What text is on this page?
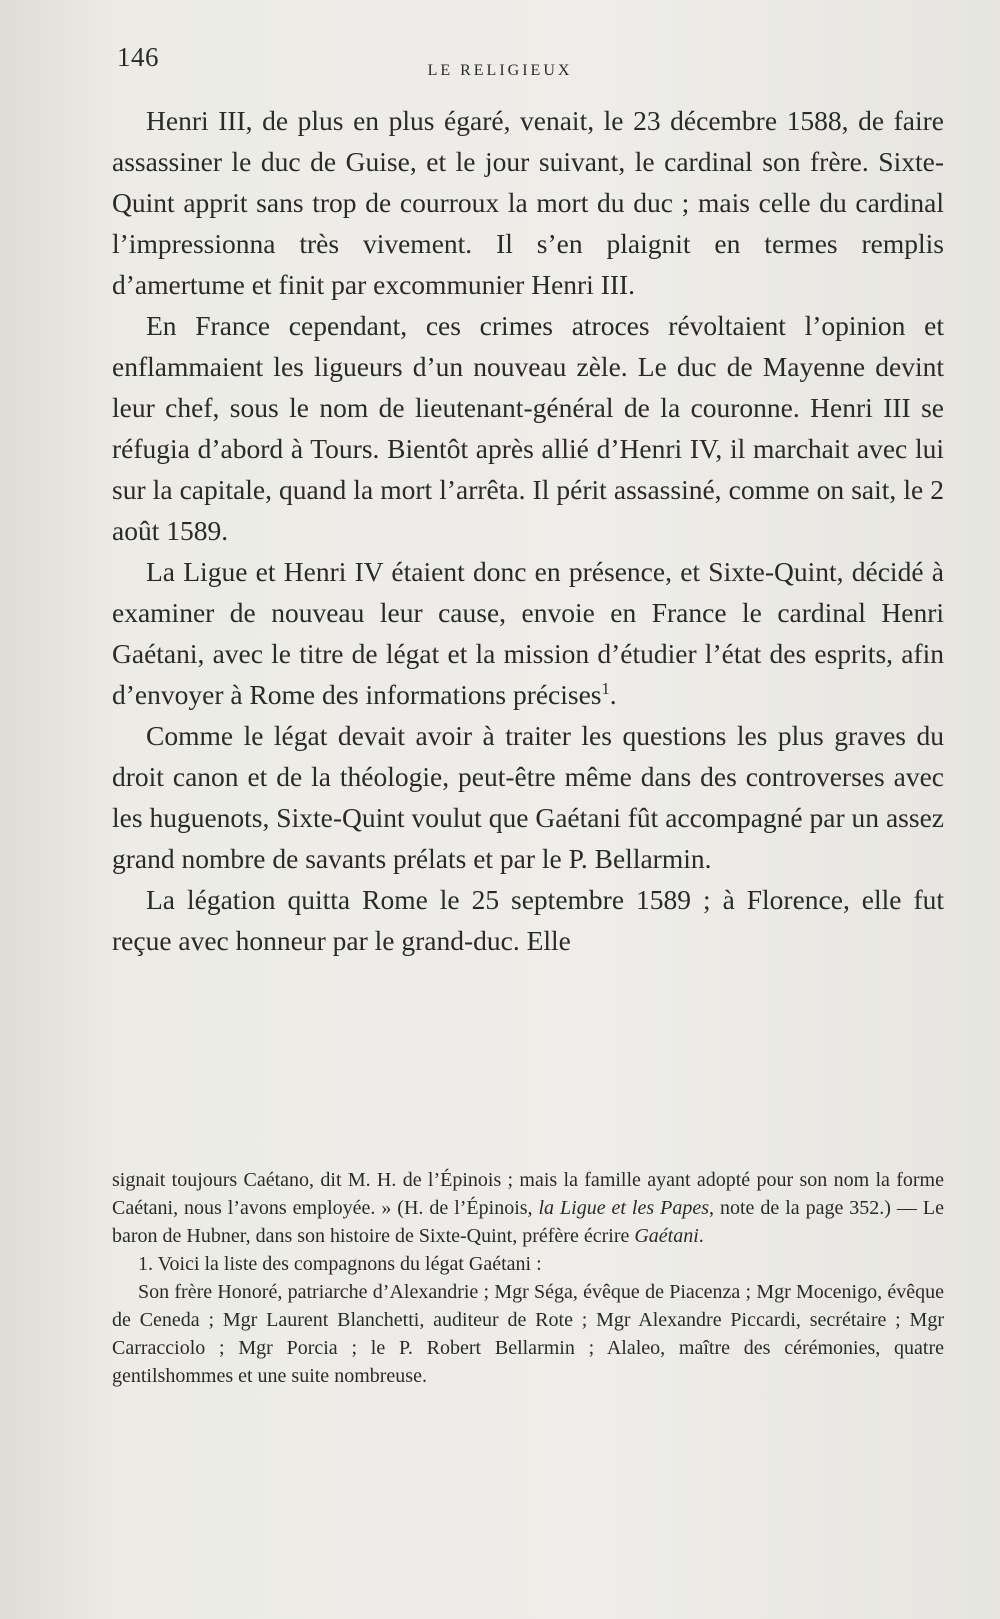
146	LE RELIGIEUX

Henri III, de plus en plus égaré, venait, le 23 décembre 1588, de faire assassiner le duc de Guise, et le jour suivant, le cardinal son frère. Sixte-Quint apprit sans trop de courroux la mort du duc ; mais celle du cardinal l’impressionna très vivement. Il s’en plaignit en termes remplis d’amertume et finit par excommunier Henri III.

En France cependant, ces crimes atroces révoltaient l’opinion et enflammaient les ligueurs d’un nouveau zèle. Le duc de Mayenne devint leur chef, sous le nom de lieutenant-général de la couronne. Henri III se réfugia d’abord à Tours. Bientôt après allié d’Henri IV, il marchait avec lui sur la capitale, quand la mort l’arrêta. Il périt assassiné, comme on sait, le 2 août 1589.

La Ligue et Henri IV étaient donc en présence, et Sixte-Quint, décidé à examiner de nouveau leur cause, envoie en France le cardinal Henri Gaétani, avec le titre de légat et la mission d’étudier l’état des esprits, afin d’envoyer à Rome des informations précises$^1$.

Comme le légat devait avoir à traiter les questions les plus graves du droit canon et de la théologie, peut-être même dans des controverses avec les huguenots, Sixte-Quint voulut que Gaétani fût accompagné par un assez grand nombre de savants prélats et par le P. Bellarmin.

La légation quitta Rome le 25 septembre 1589 ; à Florence, elle fut reçue avec honneur par le grand-duc. Elle

signait toujours Caétano, dit M. H. de l’Épinois ; mais la famille ayant adopté pour son nom la forme Caétani, nous l’avons employée. » (H. de l’Épinois, la Ligue et les Papes, note de la page 352.) — Le baron de Hubner, dans son histoire de Sixte-Quint, préfère écrire Gaétani.

1. Voici la liste des compagnons du légat Gaétani :

Son frère Honoré, patriarche d’Alexandrie ; Mgr Séga, évêque de Piacenza ; Mgr Mocenigo, évêque de Ceneda ; Mgr Laurent Blanchetti, auditeur de Rote ; Mgr Alexandre Piccardi, secrétaire ; Mgr Carracciolo ; Mgr Porcia ; le P. Robert Bellarmin ; Alaleo, maître des cérémonies, quatre gentilshommes et une suite nombreuse.
